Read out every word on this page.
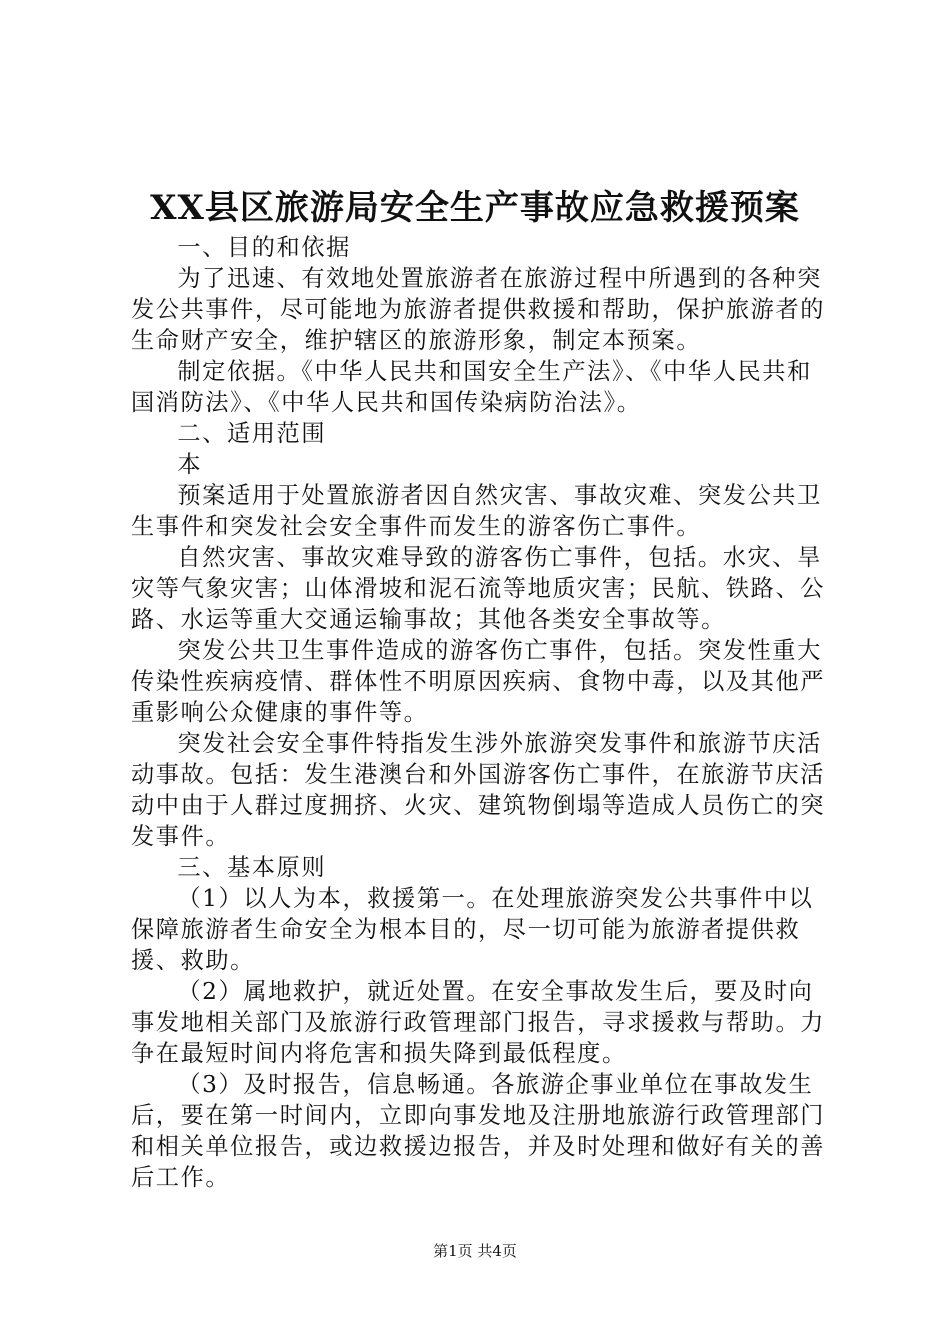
XX县区旅游局安全生产事故应急救援预案

一、目的和依据

为了迅速、有效地处置旅游者在旅游过程中所遇到的各种突发公共事件，尽可能地为旅游者提供救援和帮助，保护旅游者的生命财产安全，维护辖区的旅游形象，制定本预案。

制定依据。《中华人民共和国安全生产法》、《中华人民共和国消防法》、《中华人民共和国传染病防治法》。

二、适用范围

本

预案适用于处置旅游者因自然灾害、事故灾难、突发公共卫生事件和突发社会安全事件而发生的游客伤亡事件。

自然灾害、事故灾难导致的游客伤亡事件，包括。水灾、旱灾等气象灾害；山体滑坡和泥石流等地质灾害；民航、铁路、公路、水运等重大交通运输事故；其他各类安全事故等。

突发公共卫生事件造成的游客伤亡事件，包括。突发性重大传染性疾病疫情、群体性不明原因疾病、食物中毒，以及其他严重影响公众健康的事件等。

突发社会安全事件特指发生涉外旅游突发事件和旅游节庆活动事故。包括：发生港澳台和外国游客伤亡事件，在旅游节庆活动中由于人群过度拥挤、火灾、建筑物倒塌等造成人员伤亡的突发事件。

三、基本原则

（1）以人为本，救援第一。在处理旅游突发公共事件中以保障旅游者生命安全为根本目的，尽一切可能为旅游者提供救援、救助。

（2）属地救护，就近处置。在安全事故发生后，要及时向事发地相关部门及旅游行政管理部门报告，寻求援救与帮助。力争在最短时间内将危害和损失降到最低程度。

（3）及时报告，信息畅通。各旅游企事业单位在事故发生后，要在第一时间内，立即向事发地及注册地旅游行政管理部门和相关单位报告，或边救援边报告，并及时处理和做好有关的善后工作。

第1页 共4页
